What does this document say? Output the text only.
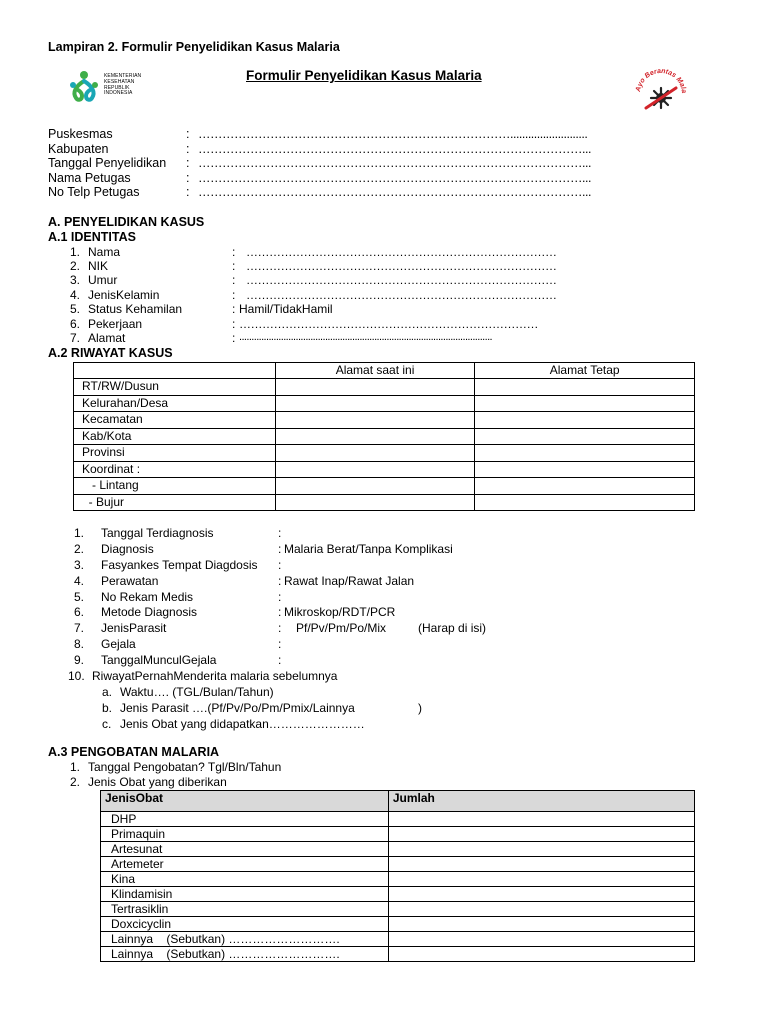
Lampiran 2. Formulir Penyelidikan Kasus Malaria
KEMENTERIAN
KESEHATAN
REPUBLIK
INDONESIA
Formulir Penyelidikan Kasus Malaria
Ayo Berantas Mala
Puskesmas	: ……………………………………………………………………..........................
Kabupaten	: ……………………………………………………………………………………...
Tanggal Penyelidikan : ……………………………………………………………………………………...
Nama Petugas	: ……………………………………………………………………………………...
No Telp Petugas	: ……………………………………………………………………………………...
A. PENYELIDIKAN KASUS
A.1 IDENTITAS
1. Nama	: ………………………………………………………………………
2. NIK	: ………………………………………………………………………
3. Umur	: ………………………………………………………………………
4. JenisKelamin	: ………………………………………………………………………
5. Status Kehamilan	: Hamil/TidakHamil
6. Pekerjaan	: ……………………………………………………………………
7. Alamat	: .......................................................................................................
A.2 RIWAYAT KASUS
	Alamat saat ini	Alamat Tetap
RT/RW/Dusun		
Kelurahan/Desa		
Kecamatan		
Kab/Kota		
Provinsi		
Koordinat :		
- Lintang		
- Bujur		
1. Tanggal Terdiagnosis	:
2. Diagnosis	: Malaria Berat/Tanpa Komplikasi
3. Fasyankes Tempat Diagdosis :
4. Perawatan	: Rawat Inap/Rawat Jalan
5. No Rekam Medis	:
6. Metode Diagnosis	: Mikroskop/RDT/PCR
7. JenisParasit	: Pf/Pv/Pm/Po/Mix	(Harap di isi)
8. Gejala	:
9. TanggalMunculGejala	:
10. RiwayatPernahMenderita malaria sebelumnya
a. Waktu…. (TGL/Bulan/Tahun)
b. Jenis Parasit ….(Pf/Pv/Po/Pm/Pmix/Lainnya	)
c. Jenis Obat yang didapatkan……………………
A.3 PENGOBATAN MALARIA
1. Tanggal Pengobatan? Tgl/Bln/Tahun
2. Jenis Obat yang diberikan
JenisObat	Jumlah
DHP	
Primaquin	
Artesunat	
Artemeter	
Kina	
Klindamisin	
Tertrasiklin	
Doxcicyclin	
Lainnya    (Sebutkan) ……………………….	
Lainnya    (Sebutkan) ……………………….	
